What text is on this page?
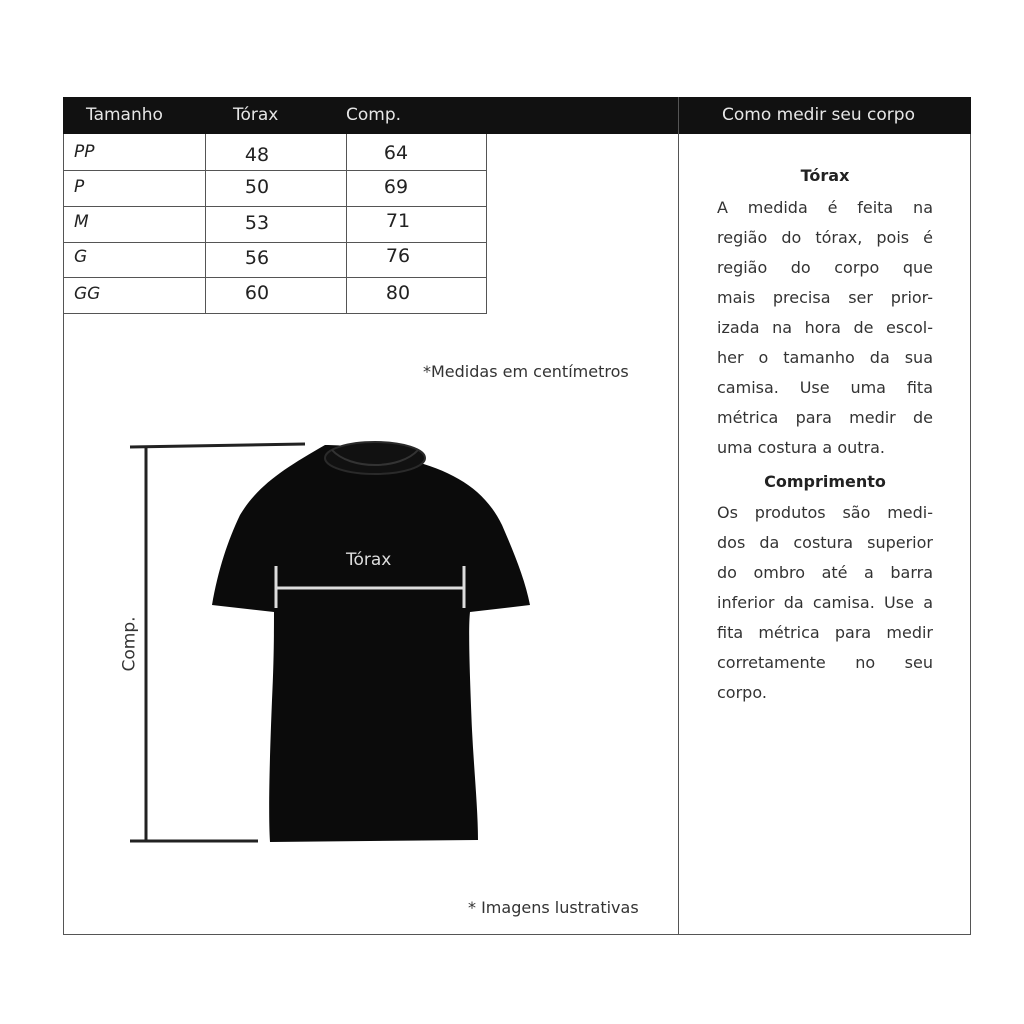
Tamanho	Tórax	Comp.	Como medir seu corpo
PP	48	64
P	50	69
M	53	71
G	56	76
GG	60	80
*Medidas em centímetros
Tórax
Comp.
* Imagens lustrativas
Tórax
A medida é feita na
região do tórax, pois é
região do corpo que
mais precisa ser prior-
izada na hora de escol-
her o tamanho da sua
camisa. Use uma fita
métrica para medir de
uma costura a outra.
Comprimento
Os produtos são medi-
dos da costura superior
do ombro até a barra
inferior da camisa. Use a
fita métrica para medir
corretamente no seu
corpo.
